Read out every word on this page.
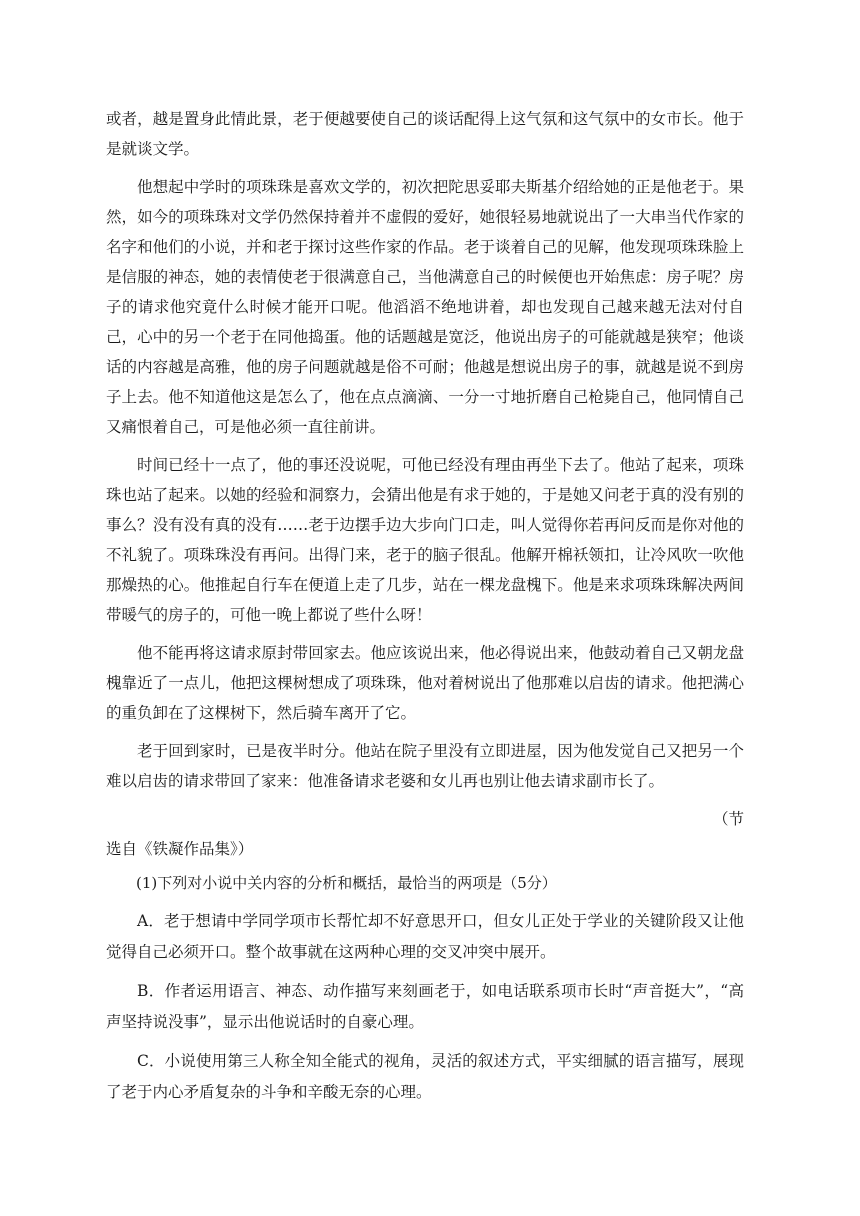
或者，越是置身此情此景，老于便越要使自己的谈话配得上这气氛和这气氛中的女市长。他于是就谈文学。

他想起中学时的项珠珠是喜欢文学的，初次把陀思妥耶夫斯基介绍给她的正是他老于。果然，如今的项珠珠对文学仍然保持着并不虚假的爱好，她很轻易地就说出了一大串当代作家的名字和他们的小说，并和老于探讨这些作家的作品。老于谈着自己的见解，他发现项珠珠脸上是信服的神态，她的表情使老于很满意自己，当他满意自己的时候便也开始焦虑：房子呢？房子的请求他究竟什么时候才能开口呢。他滔滔不绝地讲着，却也发现自己越来越无法对付自己，心中的另一个老于在同他捣蛋。他的话题越是宽泛，他说出房子的可能就越是狭窄；他谈话的内容越是高雅，他的房子问题就越是俗不可耐；他越是想说出房子的事，就越是说不到房子上去。他不知道他这是怎么了，他在点点滴滴、一分一寸地折磨自己枪毙自己，他同情自己又痛恨着自己，可是他必须一直往前讲。

时间已经十一点了，他的事还没说呢，可他已经没有理由再坐下去了。他站了起来，项珠珠也站了起来。以她的经验和洞察力，会猜出他是有求于她的，于是她又问老于真的没有别的事么？没有没有真的没有……老于边摆手边大步向门口走，叫人觉得你若再问反而是你对他的不礼貌了。项珠珠没有再问。出得门来，老于的脑子很乱。他解开棉袄领扣，让冷风吹一吹他那燥热的心。他推起自行车在便道上走了几步，站在一棵龙盘槐下。他是来求项珠珠解决两间带暖气的房子的，可他一晚上都说了些什么呀！

他不能再将这请求原封带回家去。他应该说出来，他必得说出来，他鼓动着自己又朝龙盘槐靠近了一点儿，他把这棵树想成了项珠珠，他对着树说出了他那难以启齿的请求。他把满心的重负卸在了这棵树下，然后骑车离开了它。

老于回到家时，已是夜半时分。他站在院子里没有立即进屋，因为他发觉自己又把另一个难以启齿的请求带回了家来：他准备请求老婆和女儿再也别让他去请求副市长了。

（节
选自《铁凝作品集》）

(1)下列对小说中关内容的分析和概括，最恰当的两项是（5分）

A．老于想请中学同学项市长帮忙却不好意思开口，但女儿正处于学业的关键阶段又让他觉得自己必须开口。整个故事就在这两种心理的交叉冲突中展开。

B．作者运用语言、神态、动作描写来刻画老于，如电话联系项市长时“声音挺大”，“高声坚持说没事”，显示出他说话时的自豪心理。

C．小说使用第三人称全知全能式的视角，灵活的叙述方式，平实细腻的语言描写，展现了老于内心矛盾复杂的斗争和辛酸无奈的心理。
